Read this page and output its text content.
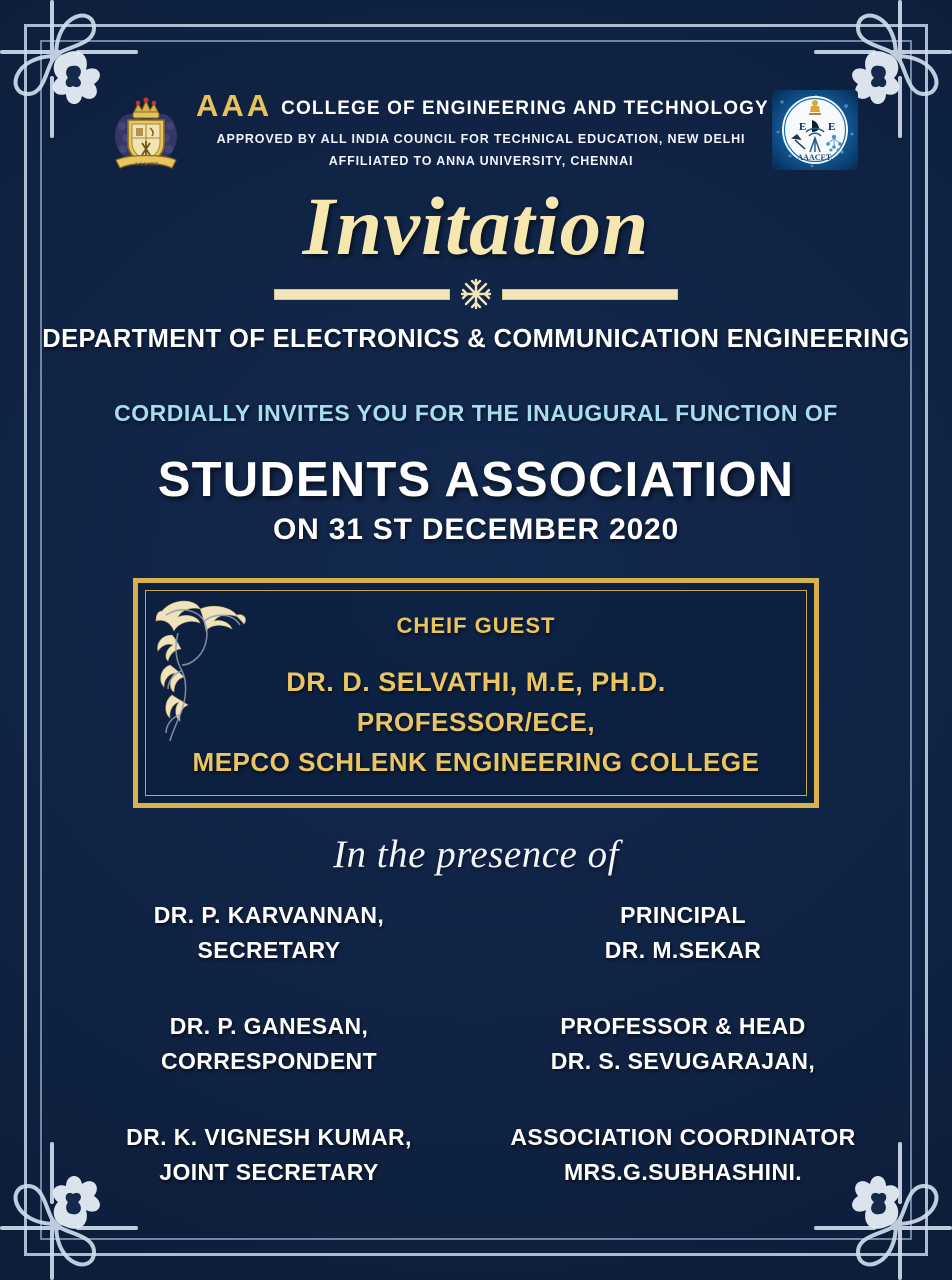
AAACET
AAA COLLEGE OF ENGINEERING AND TECHNOLOGY
APPROVED BY ALL INDIA COUNCIL FOR TECHNICAL EDUCATION, NEW DELHI
AFFILIATED TO ANNA UNIVERSITY, CHENNAI
E E
AAACET.
Invitation
DEPARTMENT OF ELECTRONICS & COMMUNICATION ENGINEERING
CORDIALLY INVITES YOU FOR THE INAUGURAL FUNCTION OF
STUDENTS ASSOCIATION
ON 31 ST DECEMBER 2020
CHEIF GUEST
DR. D. SELVATHI, M.E, PH.D.
PROFESSOR/ECE,
MEPCO SCHLENK ENGINEERING COLLEGE
In the presence of
DR. P. KARVANNAN,
SECRETARY
PRINCIPAL
DR. M.SEKAR
DR. P. GANESAN,
CORRESPONDENT
PROFESSOR & HEAD
DR. S. SEVUGARAJAN,
DR. K. VIGNESH KUMAR,
JOINT SECRETARY
ASSOCIATION COORDINATOR
MRS.G.SUBHASHINI.
